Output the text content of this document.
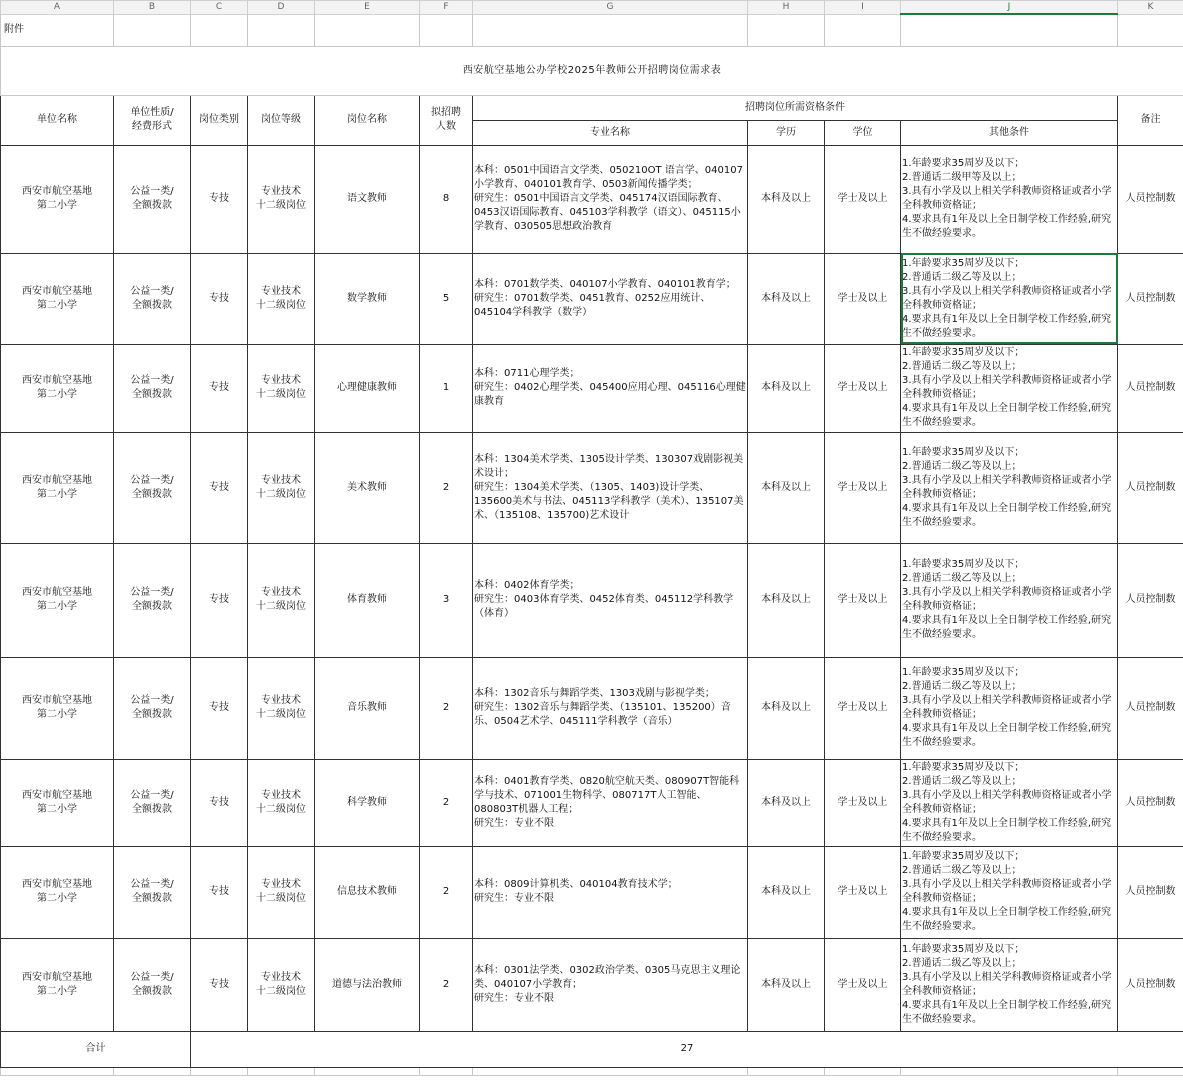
A	B	C	D	E	F	G	H	I	J	K
附件										
西安航空基地公办学校2025年教师公开招聘岗位需求表										
单位名称	单位性质/
经费形式	岗位类别	岗位等级	岗位名称	拟招聘
人数	招聘岗位所需资格条件				备注
						专业名称	学历	学位	其他条件	
西安市航空基地
第二小学	公益一类/
全额拨款	专技	专业技术
十二级岗位	语文教师	8	本科：0501中国语言文学类、050210OT 语言学、040107小学教育、040101教育学、0503新闻传播学类；
研究生：0501中国语言文学类、045174汉语国际教育、0453汉语国际教育、045103学科教学（语文）、045115小学教育、030505思想政治教育	本科及以上	学士及以上	1.年龄要求35周岁及以下；
2.普通话二级甲等及以上；
3.具有小学及以上相关学科教师资格证或者小学全科教师资格证；
4.要求具有1年及以上全日制学校工作经验,研究生不做经验要求。	人员控制数
西安市航空基地
第二小学	公益一类/
全额拨款	专技	专业技术
十二级岗位	数学教师	5	本科：0701数学类、040107小学教育、040101教育学；
研究生：0701数学类、0451教育、0252应用统计、045104学科教学（数学）	本科及以上	学士及以上	1.年龄要求35周岁及以下；
2.普通话二级乙等及以上；
3.具有小学及以上相关学科教师资格证或者小学全科教师资格证；
4.要求具有1年及以上全日制学校工作经验,研究生不做经验要求。	人员控制数
西安市航空基地
第二小学	公益一类/
全额拨款	专技	专业技术
十二级岗位	心理健康教师	1	本科：0711心理学类；
研究生：0402心理学类、045400应用心理、045116心理健康教育	本科及以上	学士及以上	1.年龄要求35周岁及以下；
2.普通话二级乙等及以上；
3.具有小学及以上相关学科教师资格证或者小学全科教师资格证；
4.要求具有1年及以上全日制学校工作经验,研究生不做经验要求。	人员控制数
西安市航空基地
第二小学	公益一类/
全额拨款	专技	专业技术
十二级岗位	美术教师	2	本科：1304美术学类、1305设计学类、130307戏剧影视美术设计；
研究生：1304美术学类、（1305、1403)设计学类、135600美术与书法、045113学科教学（美术）、135107美术、（135108、135700)艺术设计	本科及以上	学士及以上	1.年龄要求35周岁及以下；
2.普通话二级乙等及以上；
3.具有小学及以上相关学科教师资格证或者小学全科教师资格证；
4.要求具有1年及以上全日制学校工作经验,研究生不做经验要求。	人员控制数
西安市航空基地
第二小学	公益一类/
全额拨款	专技	专业技术
十二级岗位	体育教师	3	本科：0402体育学类；
研究生：0403体育学类、0452体育类、045112学科教学（体育）	本科及以上	学士及以上	1.年龄要求35周岁及以下；
2.普通话二级乙等及以上；
3.具有小学及以上相关学科教师资格证或者小学全科教师资格证；
4.要求具有1年及以上全日制学校工作经验,研究生不做经验要求。	人员控制数
西安市航空基地
第二小学	公益一类/
全额拨款	专技	专业技术
十二级岗位	音乐教师	2	本科：1302音乐与舞蹈学类、1303戏剧与影视学类；
研究生：1302音乐与舞蹈学类、（135101、135200）音乐、0504艺术学、045111学科教学（音乐）	本科及以上	学士及以上	1.年龄要求35周岁及以下；
2.普通话二级乙等及以上；
3.具有小学及以上相关学科教师资格证或者小学全科教师资格证；
4.要求具有1年及以上全日制学校工作经验,研究生不做经验要求。	人员控制数
西安市航空基地
第二小学	公益一类/
全额拨款	专技	专业技术
十二级岗位	科学教师	2	本科：0401教育学类、0820航空航天类、080907T智能科学与技术、071001生物科学、080717T人工智能、080803T机器人工程；
研究生：专业不限	本科及以上	学士及以上	1.年龄要求35周岁及以下；
2.普通话二级乙等及以上；
3.具有小学及以上相关学科教师资格证或者小学全科教师资格证；
4.要求具有1年及以上全日制学校工作经验,研究生不做经验要求。	人员控制数
西安市航空基地
第二小学	公益一类/
全额拨款	专技	专业技术
十二级岗位	信息技术教师	2	本科：0809计算机类、040104教育技术学；
研究生：专业不限	本科及以上	学士及以上	1.年龄要求35周岁及以下；
2.普通话二级乙等及以上；
3.具有小学及以上相关学科教师资格证或者小学全科教师资格证；
4.要求具有1年及以上全日制学校工作经验,研究生不做经验要求。	人员控制数
西安市航空基地
第二小学	公益一类/
全额拨款	专技	专业技术
十二级岗位	道德与法治教师	2	本科：0301法学类、0302政治学类、0305马克思主义理论类、040107小学教育；
研究生：专业不限	本科及以上	学士及以上	1.年龄要求35周岁及以下；
2.普通话二级乙等及以上；
3.具有小学及以上相关学科教师资格证或者小学全科教师资格证；
4.要求具有1年及以上全日制学校工作经验,研究生不做经验要求。	人员控制数
合计		27								
